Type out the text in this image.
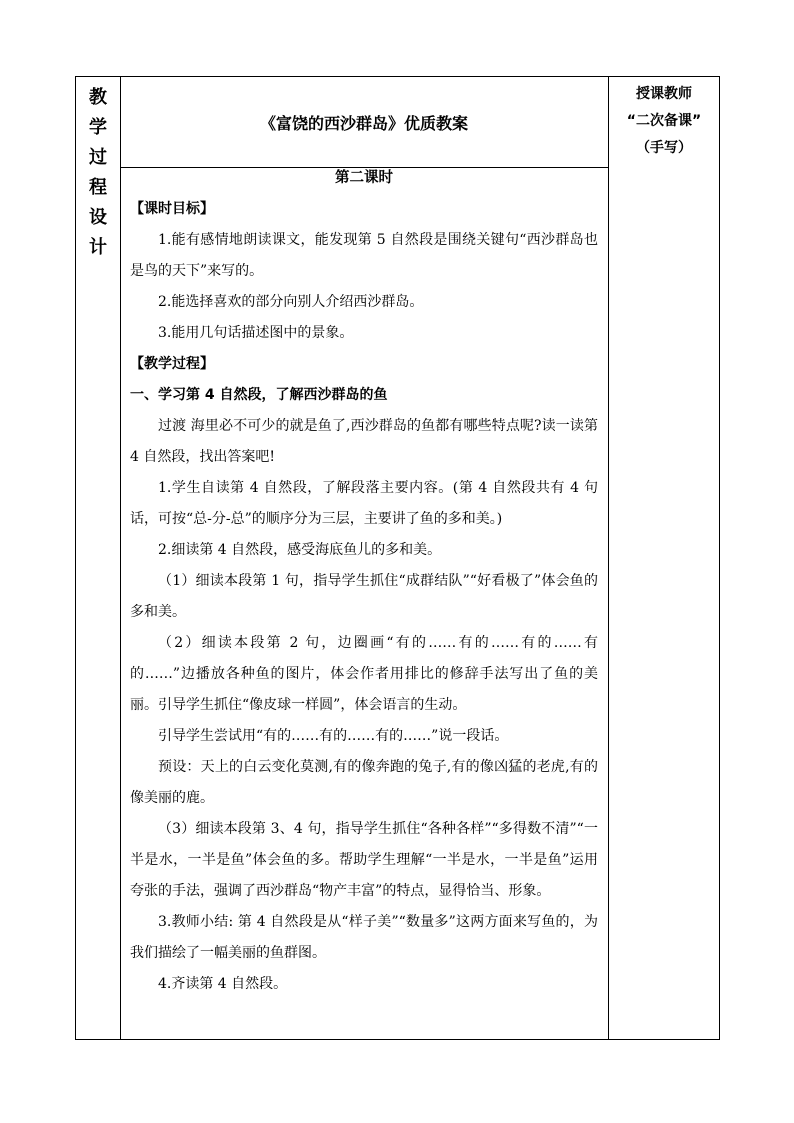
教
学
过
程
设
计
《富饶的西沙群岛》优质教案
授课教师
“二次备课”
（手写）
第二课时

【课时目标】

1.能有感情地朗读课文，能发现第 5 自然段是围绕关键句“西沙群岛也是鸟的天下”来写的。

2.能选择喜欢的部分向别人介绍西沙群岛。

3.能用几句话描述图中的景象。

【教学过程】

一、学习第 4 自然段，了解西沙群岛的鱼

过渡 海里必不可少的就是鱼了,西沙群岛的鱼都有哪些特点呢?读一读第 4 自然段，找出答案吧!

1.学生自读第 4 自然段，了解段落主要内容。(第 4 自然段共有 4 句话，可按“总-分-总”的顺序分为三层，主要讲了鱼的多和美。)

2.细读第 4 自然段，感受海底鱼儿的多和美。

（1）细读本段第 1 句，指导学生抓住“成群结队”“好看极了”体会鱼的多和美。

（2）细读本段第 2 句，边圈画“有的……有的……有的……有的……”边播放各种鱼的图片，体会作者用排比的修辞手法写出了鱼的美丽。引导学生抓住“像皮球一样圆”，体会语言的生动。

引导学生尝试用“有的……有的……有的……”说一段话。

预设：天上的白云变化莫测,有的像奔跑的兔子,有的像凶猛的老虎,有的像美丽的鹿。

（3）细读本段第 3、4 句，指导学生抓住“各种各样”“多得数不清”“一半是水，一半是鱼”体会鱼的多。帮助学生理解“一半是水，一半是鱼”运用夸张的手法，强调了西沙群岛“物产丰富”的特点，显得恰当、形象。

3.教师小结: 第 4 自然段是从“样子美”“数量多”这两方面来写鱼的，为我们描绘了一幅美丽的鱼群图。

4.齐读第 4 自然段。
